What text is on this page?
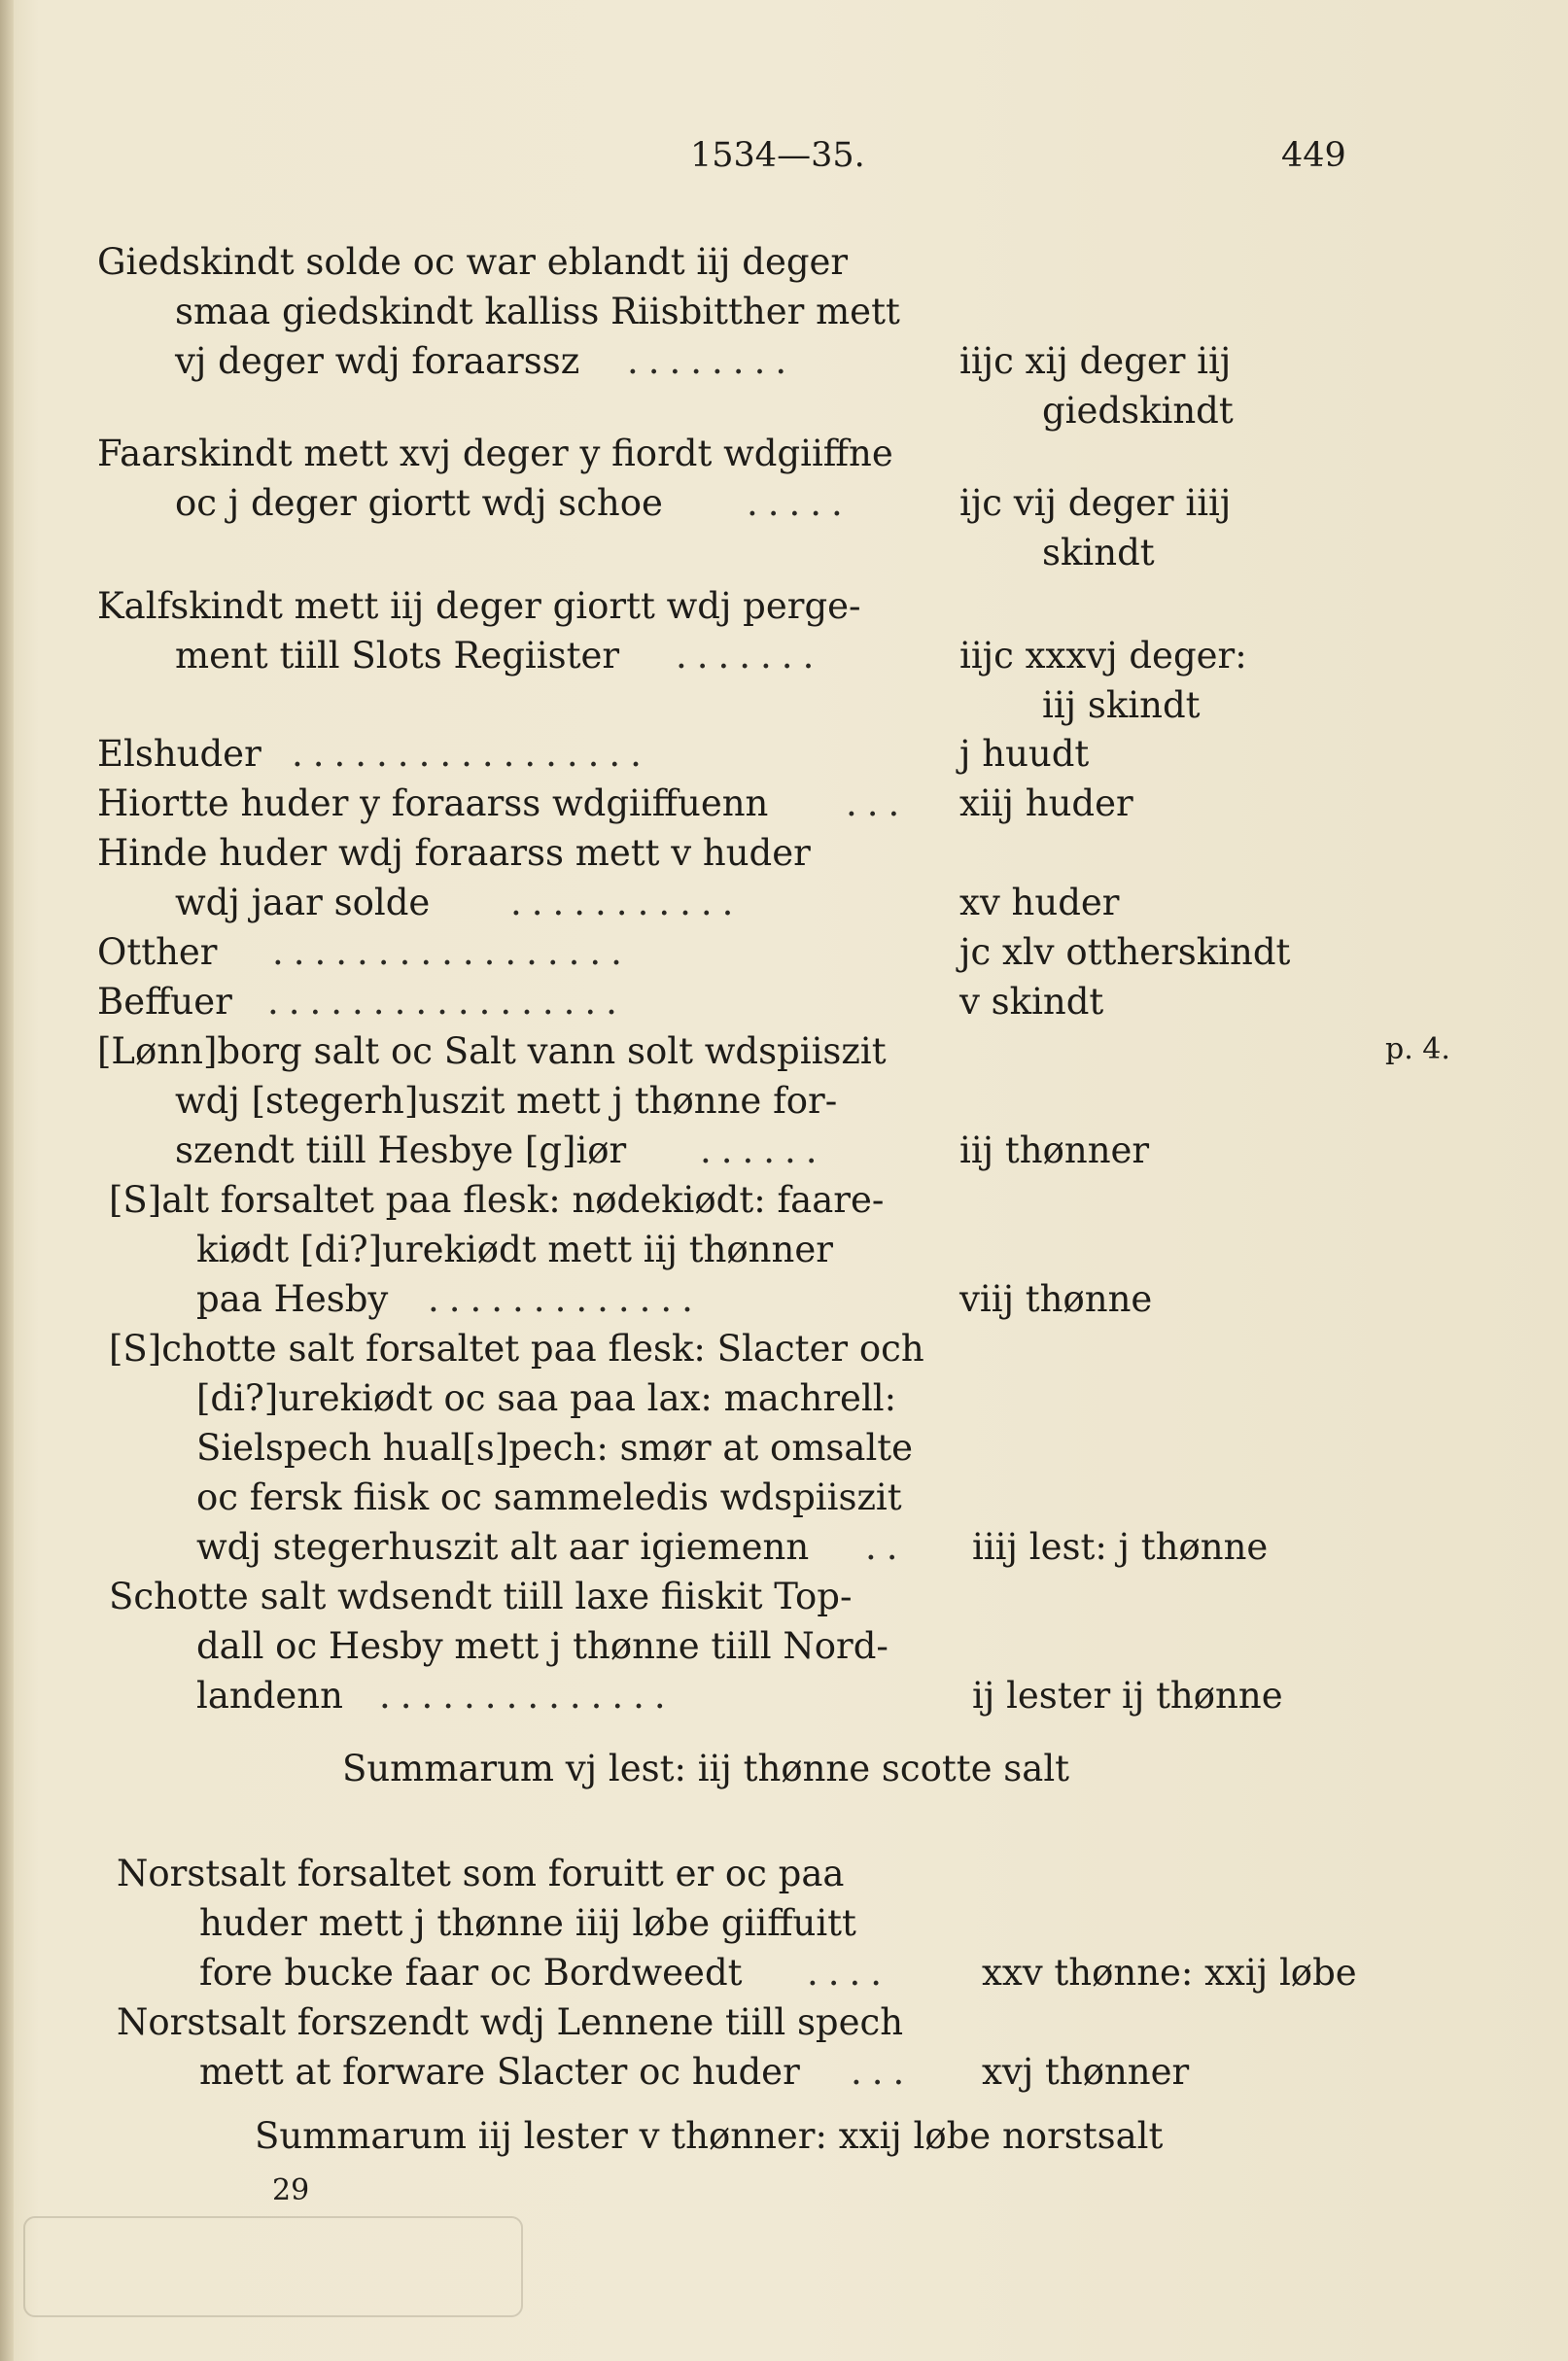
1534—35.	449
Giedskindt solde oc war eblandt iij deger
smaa giedskindt kalliss Riisbitther mett
vj deger wdj foraarssz ........	iijc xij deger iij
giedskindt
Faarskindt mett xvj deger y fiordt wdgiiffne
oc j deger giortt wdj schoe .....	ijc vij deger iiij
skindt
Kalfskindt mett iij deger giortt wdj perge-
ment tiill Slots Regiister .......	iijc xxxvj deger:
iij skindt
Elshuder .................	j huudt
Hiortte huder y foraarss wdgiiffuenn ... xiij huder
Hinde huder wdj foraarss mett v huder
wdj jaar solde ...........	xv huder
Otther .................	jc xlv ottherskindt
Beffuer .................	v skindt
[Lønn]borg salt oc Salt vann solt wdspiiszit
wdj [stegerh]uszit mett j thønne for-
szendt tiill Hesbye [g]iør ......	iij thønner
[S]alt forsaltet paa flesk: nødekiødt: faare-
kiødt [di?]urekiødt mett iij thønner
paa Hesby .............	viij thønne
[S]chotte salt forsaltet paa flesk: Slacter och
[di?]urekiødt oc saa paa lax: machrell:
Sielspech hual[s]pech: smør at omsalte
oc fersk fiisk oc sammeledis wdspiiszit
wdj stegerhuszit alt aar igiemenn .. iiij lest: j thønne
Schotte salt wdsendt tiill laxe fiiskit Top-
dall oc Hesby mett j thønne tiill Nord-
landenn ..............	ij lester ij thønne
p. 4.
Summarum vj lest: iij thønne scotte salt
Norstsalt forsaltet som foruitt er oc paa
huder mett j thønne iiij løbe giiffuitt
fore bucke faar oc Bordweedt ....	xxv thønne: xxij løbe
Norstsalt forszendt wdj Lennene tiill spech
mett at forware Slacter oc huder ... xvj thønner
Summarum iij lester v thønner: xxij løbe norstsalt
29
